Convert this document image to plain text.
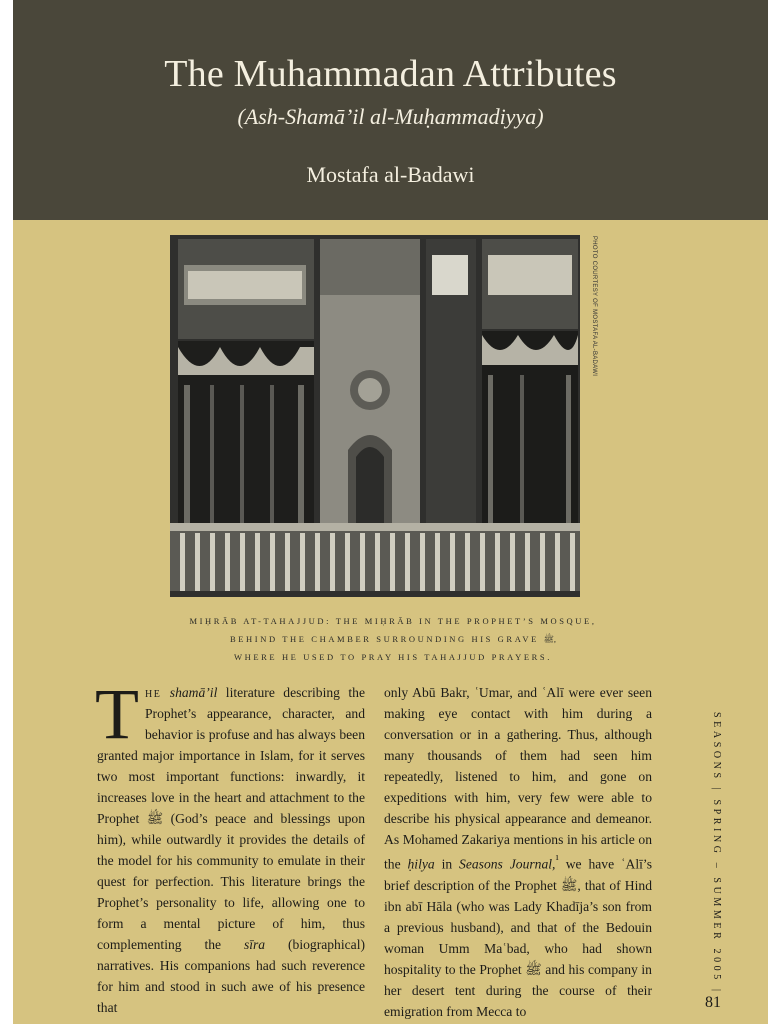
The Muhammadan Attributes
(Ash-Shamā’il al-Muḥammadiyya)
Mostafa al-Badawi
PHOTO COURTESY OF MOSTAFA AL-BADAWI
MIḤRĀB AT-TAHAJJUD: THE MIḤRĀB IN THE PROPHET’S MOSQUE,
BEHIND THE CHAMBER SURROUNDING HIS GRAVE ﷺ,
WHERE HE USED TO PRAY HIS TAHAJJUD PRAYERS.

The shamā’il literature describing the Prophet’s appearance, character, and behavior is profuse and has always been granted major importance in Islam, for it serves two most important functions: inwardly, it increases love in the heart and attachment to the Prophet ﷺ (God’s peace and blessings upon him), while outwardly it provides the details of the model for his community to emulate in their quest for perfection. This literature brings the Prophet’s personality to life, allowing one to form a mental picture of him, thus complementing the sīra (biographical) narratives. His companions had such reverence for him and stood in such awe of his presence that

only Abū Bakr, ʿUmar, and ʿAlī were ever seen making eye contact with him during a conversation or in a gathering. Thus, although many thousands of them had seen him repeatedly, listened to him, and gone on expeditions with him, very few were able to describe his physical appearance and demeanor. As Mohamed Zakariya mentions in his article on the ḥilya in Seasons Journal,$^{^1}$ we have ʿAlī’s brief description of the Prophet ﷺ, that of Hind ibn abī Hāla (who was Lady Khadīja’s son from a previous husband), and that of the Bedouin woman Umm Maʿbad, who had shown hospitality to the Prophet ﷺ and his company in her desert tent during the course of their emigration from Mecca to

SEASONS | SPRING – SUMMER 2005 |
81
